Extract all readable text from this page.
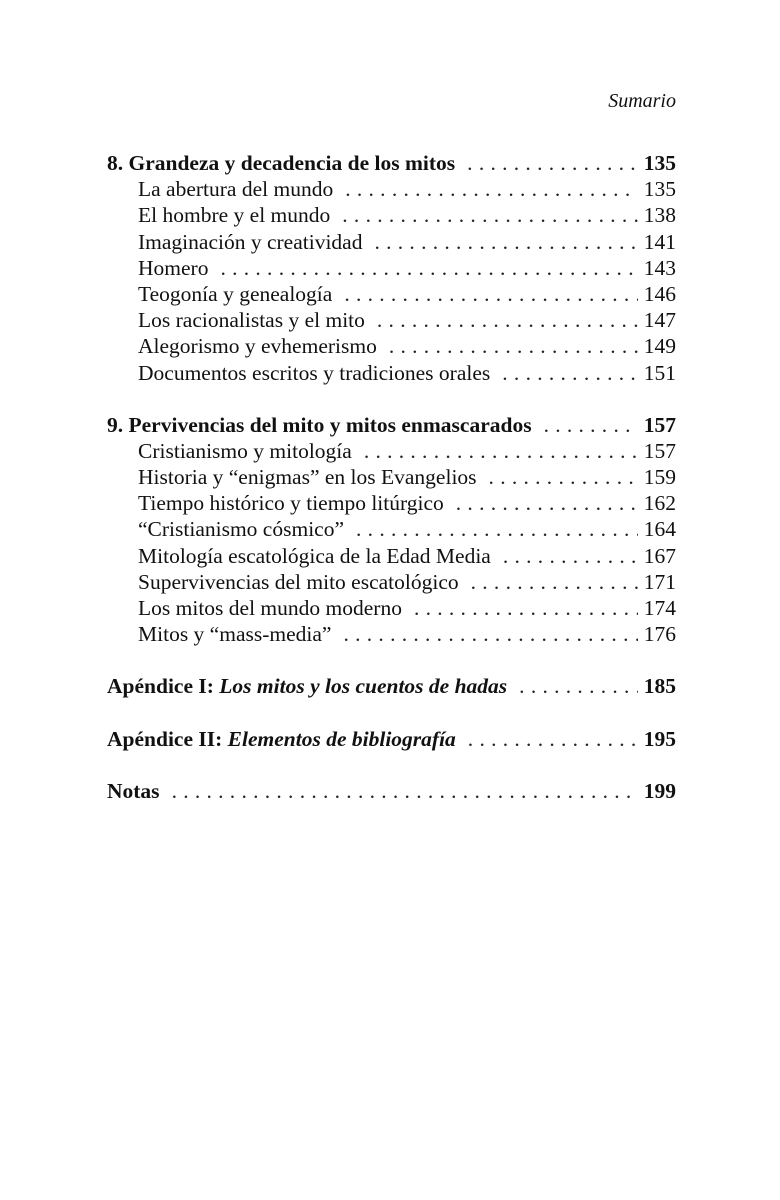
Sumario
8. Grandeza y decadencia de los mitos . . .	135
La abertura del mundo . . .	135
El hombre y el mundo . . .	138
Imaginación y creatividad . . .	141
Homero . . .	143
Teogonía y genealogía . . .	146
Los racionalistas y el mito . . .	147
Alegorismo y evhemerismo . . .	149
Documentos escritos y tradiciones orales . . .	151
9. Pervivencias del mito y mitos enmascarados . . .	157
Cristianismo y mitología . . .	157
Historia y “enigmas” en los Evangelios . . .	159
Tiempo histórico y tiempo litúrgico . . .	162
“Cristianismo cósmico” . . .	164
Mitología escatológica de la Edad Media . . .	167
Supervivencias del mito escatológico . . .	171
Los mitos del mundo moderno . . .	174
Mitos y “mass-media” . . .	176
Apéndice I: Los mitos y los cuentos de hadas . . .	185
Apéndice II: Elementos de bibliografía . . .	195
Notas . . .	199
